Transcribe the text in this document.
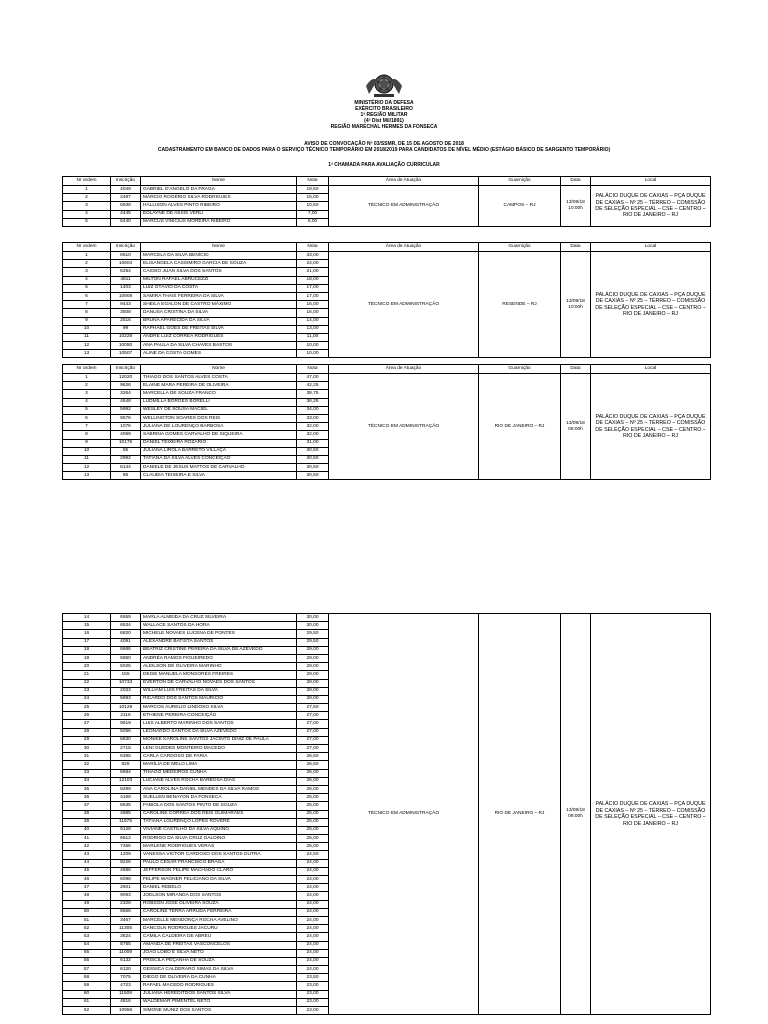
MINISTÉRIO DA DEFESA
EXÉRCITO BRASILEIRO
1ª REGIÃO MILITAR
(4ª Dist Mil/1891)
REGIÃO MARECHAL HERMES DA FONSECA
AVISO DE CONVOCAÇÃO Nº 03/SSMR, DE 15 DE AGOSTO DE 2018
CADASTRAMENTO EM BANCO DE DADOS PARA O SERVIÇO TÉCNICO TEMPORÁRIO EM 2018/2019 PARA CANDIDATOS DE NÍVEL MÉDIO (ESTÁGIO BÁSICO DE SARGENTO TEMPORÁRIO)
1ª CHAMADA PARA AVALIAÇÃO CURRICULAR
Nr ordem	Inscrição	Nome	Nota	Área de Atuação	Guarnição	Data	Local
1	4049	GABRIEL D'ANGELO DA FRAGA	18,50	TÉCNICO EM ADMINISTRAÇÃO	CAMPOS – RJ	13/09/18
10:00h	PALÁCIO DUQUE DE CAXIAS – PÇA DUQUE DE CAXIAS – Nº 25 – TÉRREO – COMISSÃO DE SELEÇÃO ESPECIAL – CSE – CENTRO – RIO DE JANEIRO – RJ
2	2487	MÁRCIO ROGÉRIO SILVA RODRIGUES	15,00				
3	6938	HALLISON ALVES PINTO RIBEIRO	10,50				
4	4445	EDLAYNE DE ASSIS VERLI	7,00				
5	5440	MARCUS VINÍCIUS MOREIRA RIBEIRO	5,00				
Nr ordem	Inscrição	Nome	Nota	Área de Atuação	Guarnição	Data	Local
1	6610	MARCELA DA SILVA BENÍCIO	33,00	TÉCNICO EM ADMINISTRAÇÃO	RESENDE – RJ	13/09/18
10:00h	PALÁCIO DUQUE DE CAXIAS – PÇA DUQUE DE CAXIAS – Nº 25 – TÉRREO – COMISSÃO DE SELEÇÃO ESPECIAL – CSE – CENTRO – RIO DE JANEIRO – RJ
2	10604	ELISANGELA CASSIMIRO GARCIA DE SOUZA	24,00				
3	6254	CASSIO JUAN SILVA DOS SANTOS	21,00				
4	4811	MILTON RAFAEL ABRUCEZZI	18,00				
5	1403	LUIZ OTÁVIO DA COSTA	17,00				
6	10908	SAMIRA THAIS FERREIRA DA SILVA	17,00				
7	9443	SHEILA EGALON DE CASTRO MÁXIMO	16,00				
8	3508	DANUSA CRISTINA DA SILVA	16,00				
9	2516	BRUNA APARECIDA DA SILVA	14,00				
10	99	RAPHAEL GÓES DE FREITAS SILVA	13,00				
11	10228	ANDRÉ LUIZ CORRÊA RODRIGUES	11,00				
12	10050	ANA PAULA DA SILVA CHAVES BASTOS	10,00				
13	10507	ALINE DA COSTA GOMES	10,00				
Nr ordem	Inscrição	Nome	Nota	Área de Atuação	Guarnição	Data	Local
1	12020	THIAGO DOS SANTOS ALVES COSTA	47,00	TÉCNICO EM ADMINISTRAÇÃO	RIO DE JANEIRO – RJ	13/09/18
08:00h	PALÁCIO DUQUE DE CAXIAS – PÇA DUQUE DE CAXIAS – Nº 25 – TÉRREO – COMISSÃO DE SELEÇÃO ESPECIAL – CSE – CENTRO – RIO DE JANEIRO – RJ
2	9626	ELAINE MARA PEREIRA DE OLIVEIRA	42,25				
3	3264	MARCELLA DE SOUZA FRANCO	38,75				
4	4648	LUDMILLA BORGES BORELLI	36,25				
5	5992	WESLEY DE SOUSA MACIEL	34,00				
6	9576	WELLINGTON SOARES DOS REIS	33,00				
7	1076	JULIANA DE LOURENÇO BARBOSA	32,00				
8	4069	SABRINA GOMES CARVALHO DE SIQUEIRA	32,00				
9	10176	DANIEL TEIXEIRA ROZARIO	31,00				
10	55	JULIANA LIROLA BARRETO VILLAÇA	30,50				
11	2992	TATIANA DA SILVA ALVES CONCEIÇÃO	30,50				
12	6144	DANIELE DE JESUS MATTOS DE CARVALHO	30,50				
13	86	CLAUDIA TEIXEIRA E SILVA	30,50				
14	6559	MARLA ALMEIDA DA CRUZ SILVEIRA	30,00	TÉCNICO EM ADMINISTRAÇÃO	RIO DE JANEIRO – RJ	13/09/18
08:00h	PALÁCIO DUQUE DE CAXIAS – PÇA DUQUE DE CAXIAS – Nº 25 – TÉRREO – COMISSÃO DE SELEÇÃO ESPECIAL – CSE – CENTRO – RIO DE JANEIRO – RJ
15	6534	WALLACE SANTOS DA HORA	30,00				
16	6820	MICHELE NOVAES LUCENA DE PONTES	29,50				
17	4091	ALEXANDRE BATISTA SANTOS	29,50				
18	6686	BEATRIZ CRISTINE PEREIRA DA SILVA DE AZEVEDO	29,00				
19	6850	ANDRÉA RAMOS FIGUEIREDO	29,00				
20	5025	ALEILSON DE OLIVEIRA MARINHO	29,00				
21	155	DEISE MANUELA MONSORES FREIRES	29,00				
22	10733	EVERTON DE CARVALHO NOVAES DOS SANTOS	28,00				
23	2033	WILLIAM LUIS FREITAS DA SILVA	28,00				
24	5893	RICARDO DOS SANTOS MAURÍCIO	28,00				
25	10129	MARCOS AURELIO LINDOSO SILVA	27,50				
26	2116	ETHIENE PEREIRA CONCEIÇÃO	27,00				
27	9619	LUIS ALBERTO MARINHO DOS SANTOS	27,00				
28	5056	LEONARDO SANTOS DA SILVA AZEVEDO	27,00				
29	6830	MONIKE KAROLINE SANTOS JACINTO DINIZ DE PAULA	27,00				
30	2715	LENI GUEDES MONTEIRO MACEDO	27,00				
31	6385	CARLA CARDOSO DE FARIA	26,50				
32	828	MARÍLIA DE MELO LIMA	26,50				
33	6684	THIAGO MEDEIROS CUNHA	26,00				
34	12103	LUCIANE ALVES ROCHA BARBOSA DIAS	26,00				
35	8289	ANA CAROLINA DANIEL MENDES DA SILVA RAMOS	26,00				
36	4168	SUELLEN BENAYON DA FONSECA	25,00				
37	6535	FABIOLA DOS SANTOS PINTO DE SOUZA	25,00				
38	4885	CAROLINE CORRÊA DOS REIS GUIMARÃES	25,00				
39	11675	TATIANA LOURENÇO LOPES ROVERÉ	25,00				
40	9128	VIVIANE CASTILHO DA SILVA AQUINO	25,00				
41	6612	RODRIGO DA SILVA CRUZ GALDINO	25,00				
42	7266	MARLENE RODRIGUES VERAS	25,00				
43	1209	VANESSA VICTOR CARDOSO DOS SANTOS DUTRA	24,50				
44	9226	PAULO CÉSAR FRANCISCO BRAGA	24,00				
45	4688	JEFFERSON FELIPE MACHADO CLARO	24,00				
46	6098	FELIPE WAGNER FELICIANO DA SILVA	24,00				
47	2601	DANIEL REBELO	24,00				
48	9093	JOELSON MIRANDA DOS SANTOS	24,00				
49	2328	ROBSON JOSÉ OLIVEIRA SOUZA	24,00				
50	8656	CAROLINE TERRA ARRUDA FERREIRA	24,00				
51	3467	MARCELLE MENDONÇA ROCHA AVELINO	24,00				
52	11305	DANCOLN RODRIGUES JACURU	24,00				
53	3624	CAMILA CALDEIRA DE ABREU	24,00				
54	8765	AMANDA DE FREITAS VASCONCELOS	24,00				
55	11009	JOÃO LOBO E SILVA NETO	24,00				
56	6132	PRISCILA PEÇANHA DE SOUZA	24,00				
57	6120	GESSICA CALDERARO SIMAS DA SILVA	24,00				
58	7075	DIEGO DE OLIVEIRA DA CUNHA	23,50				
59	4723	RAFAEL MACEDO RODRIGUES	23,00				
60	11508	JULIANA HEREDITDOS SANTOS SILVA	23,00				
61	4816	WALDEMAR PIMENTEL NETO	23,00				
62	10956	SIMONE MUNIZ DOS SANTOS	23,00				
